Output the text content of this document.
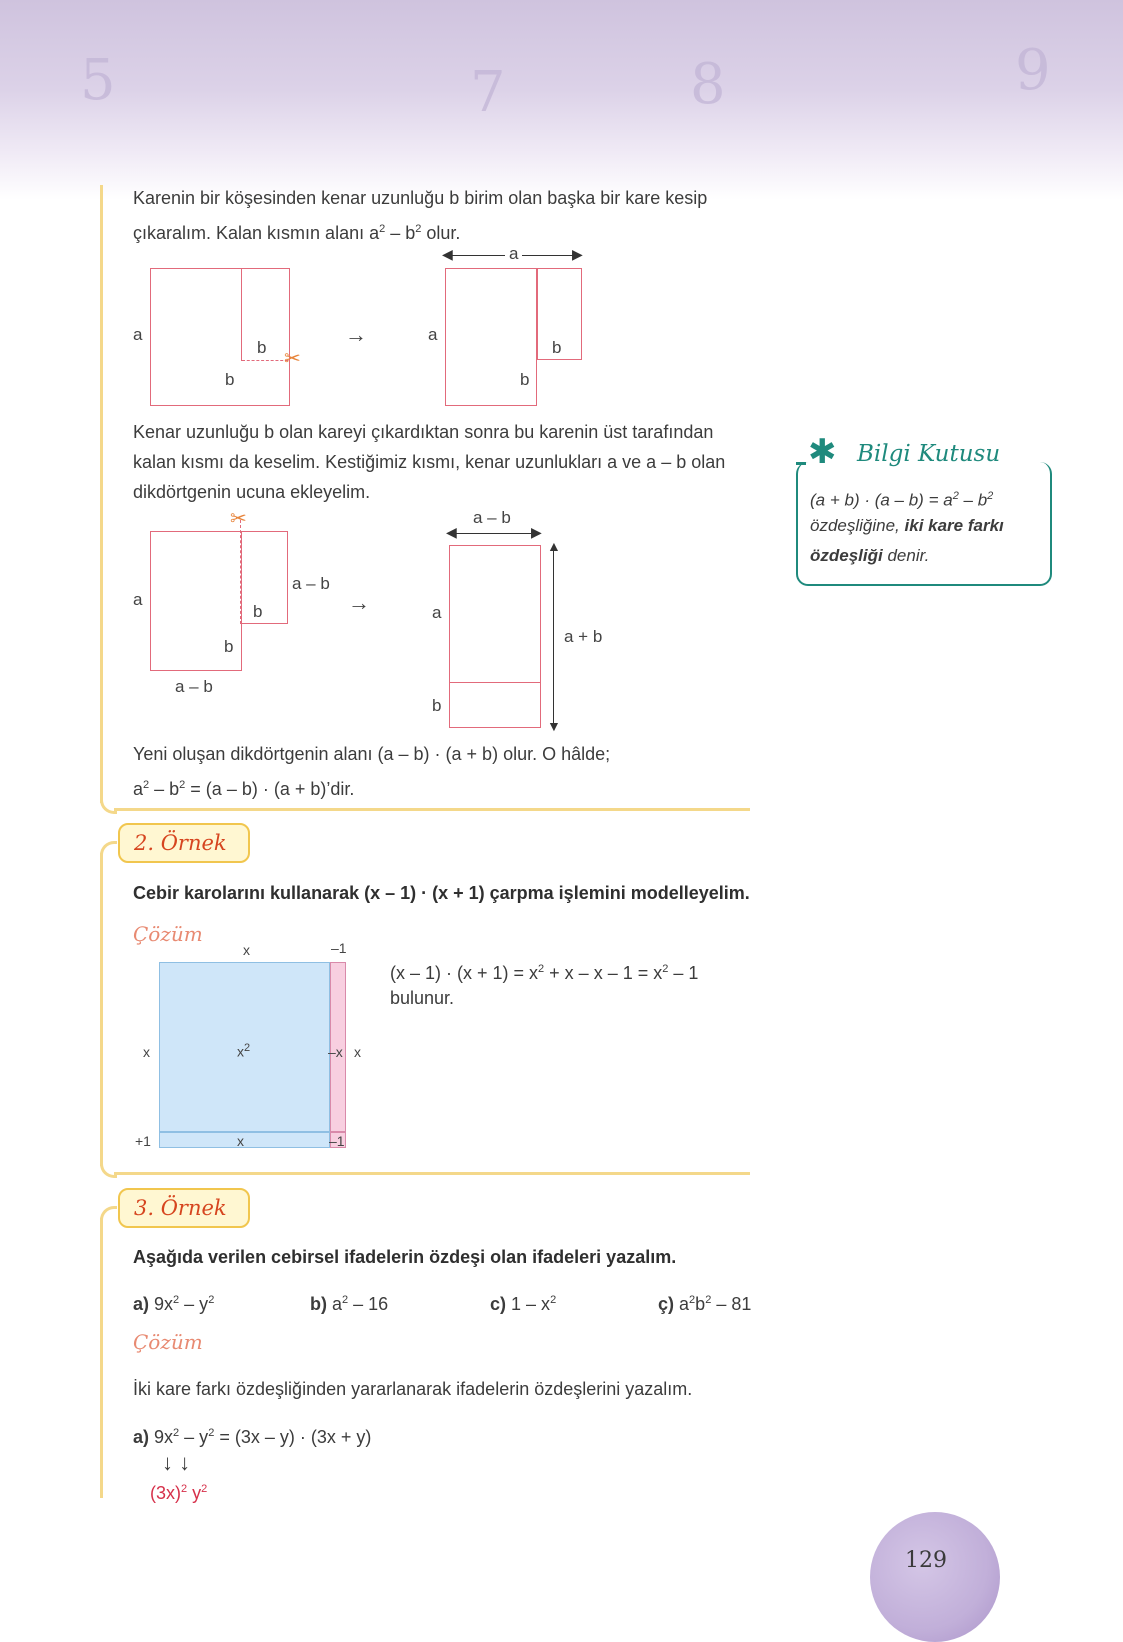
5	7	8	9
Karenin bir köşesinden kenar uzunluğu b birim olan başka bir kare kesip
çıkaralım. Kalan kısmın alanı $a^2 - b^2$ olur.
✂
a
b
b
→
◀	▶
a
a
b
b
Kenar uzunluğu b olan kareyi çıkardıktan sonra bu karenin üst tarafından
kalan kısmı da keselim. Kestiğimiz kısmı, kenar uzunlukları a ve a – b olan
dikdörtgenin ucuna ekleyelim.
✂
a
a – b
b
b
a – b
→
◀	▶
a – b
a
▲
▼
a + b
b
Yeni oluşan dikdörtgenin alanı (a – b) · (a + b) olur. O hâlde;
$a^2 - b^2 = (a - b) \cdot (a$ + b)’dir.
✱ Bilgi Kutusu
$(a + b) \cdot (a - b) = a^2 - b^2$
özdeşliğine, iki kare farkı
özdeşliği denir.
2. Örnek
Cebir karolarını kullanarak (x – 1) · (x + 1) çarpma işlemini modelleyelim.
Çözüm
x	–1
x	$x^2$	–x x
+1	x	–1
$(x - 1) \cdot (x + 1) = x^2 + x - x - 1 = x^2 - 1$
bulunur.
3. Örnek
Aşağıda verilen cebirsel ifadelerin özdeşi olan ifadeleri yazalım.
a) $9x^2 - y^2$	b) $a^2 - 16$	c) $1 - x^2$	ç) $a^2b^2 - 81$
Çözüm
İki kare farkı özdeşliğinden yararlanarak ifadelerin özdeşlerini yazalım.
a) $9x^2 - y^2 = (3x - y) \cdot (3x + y)$
↓ ↓
$(3x)^2$ $y^2$
129
